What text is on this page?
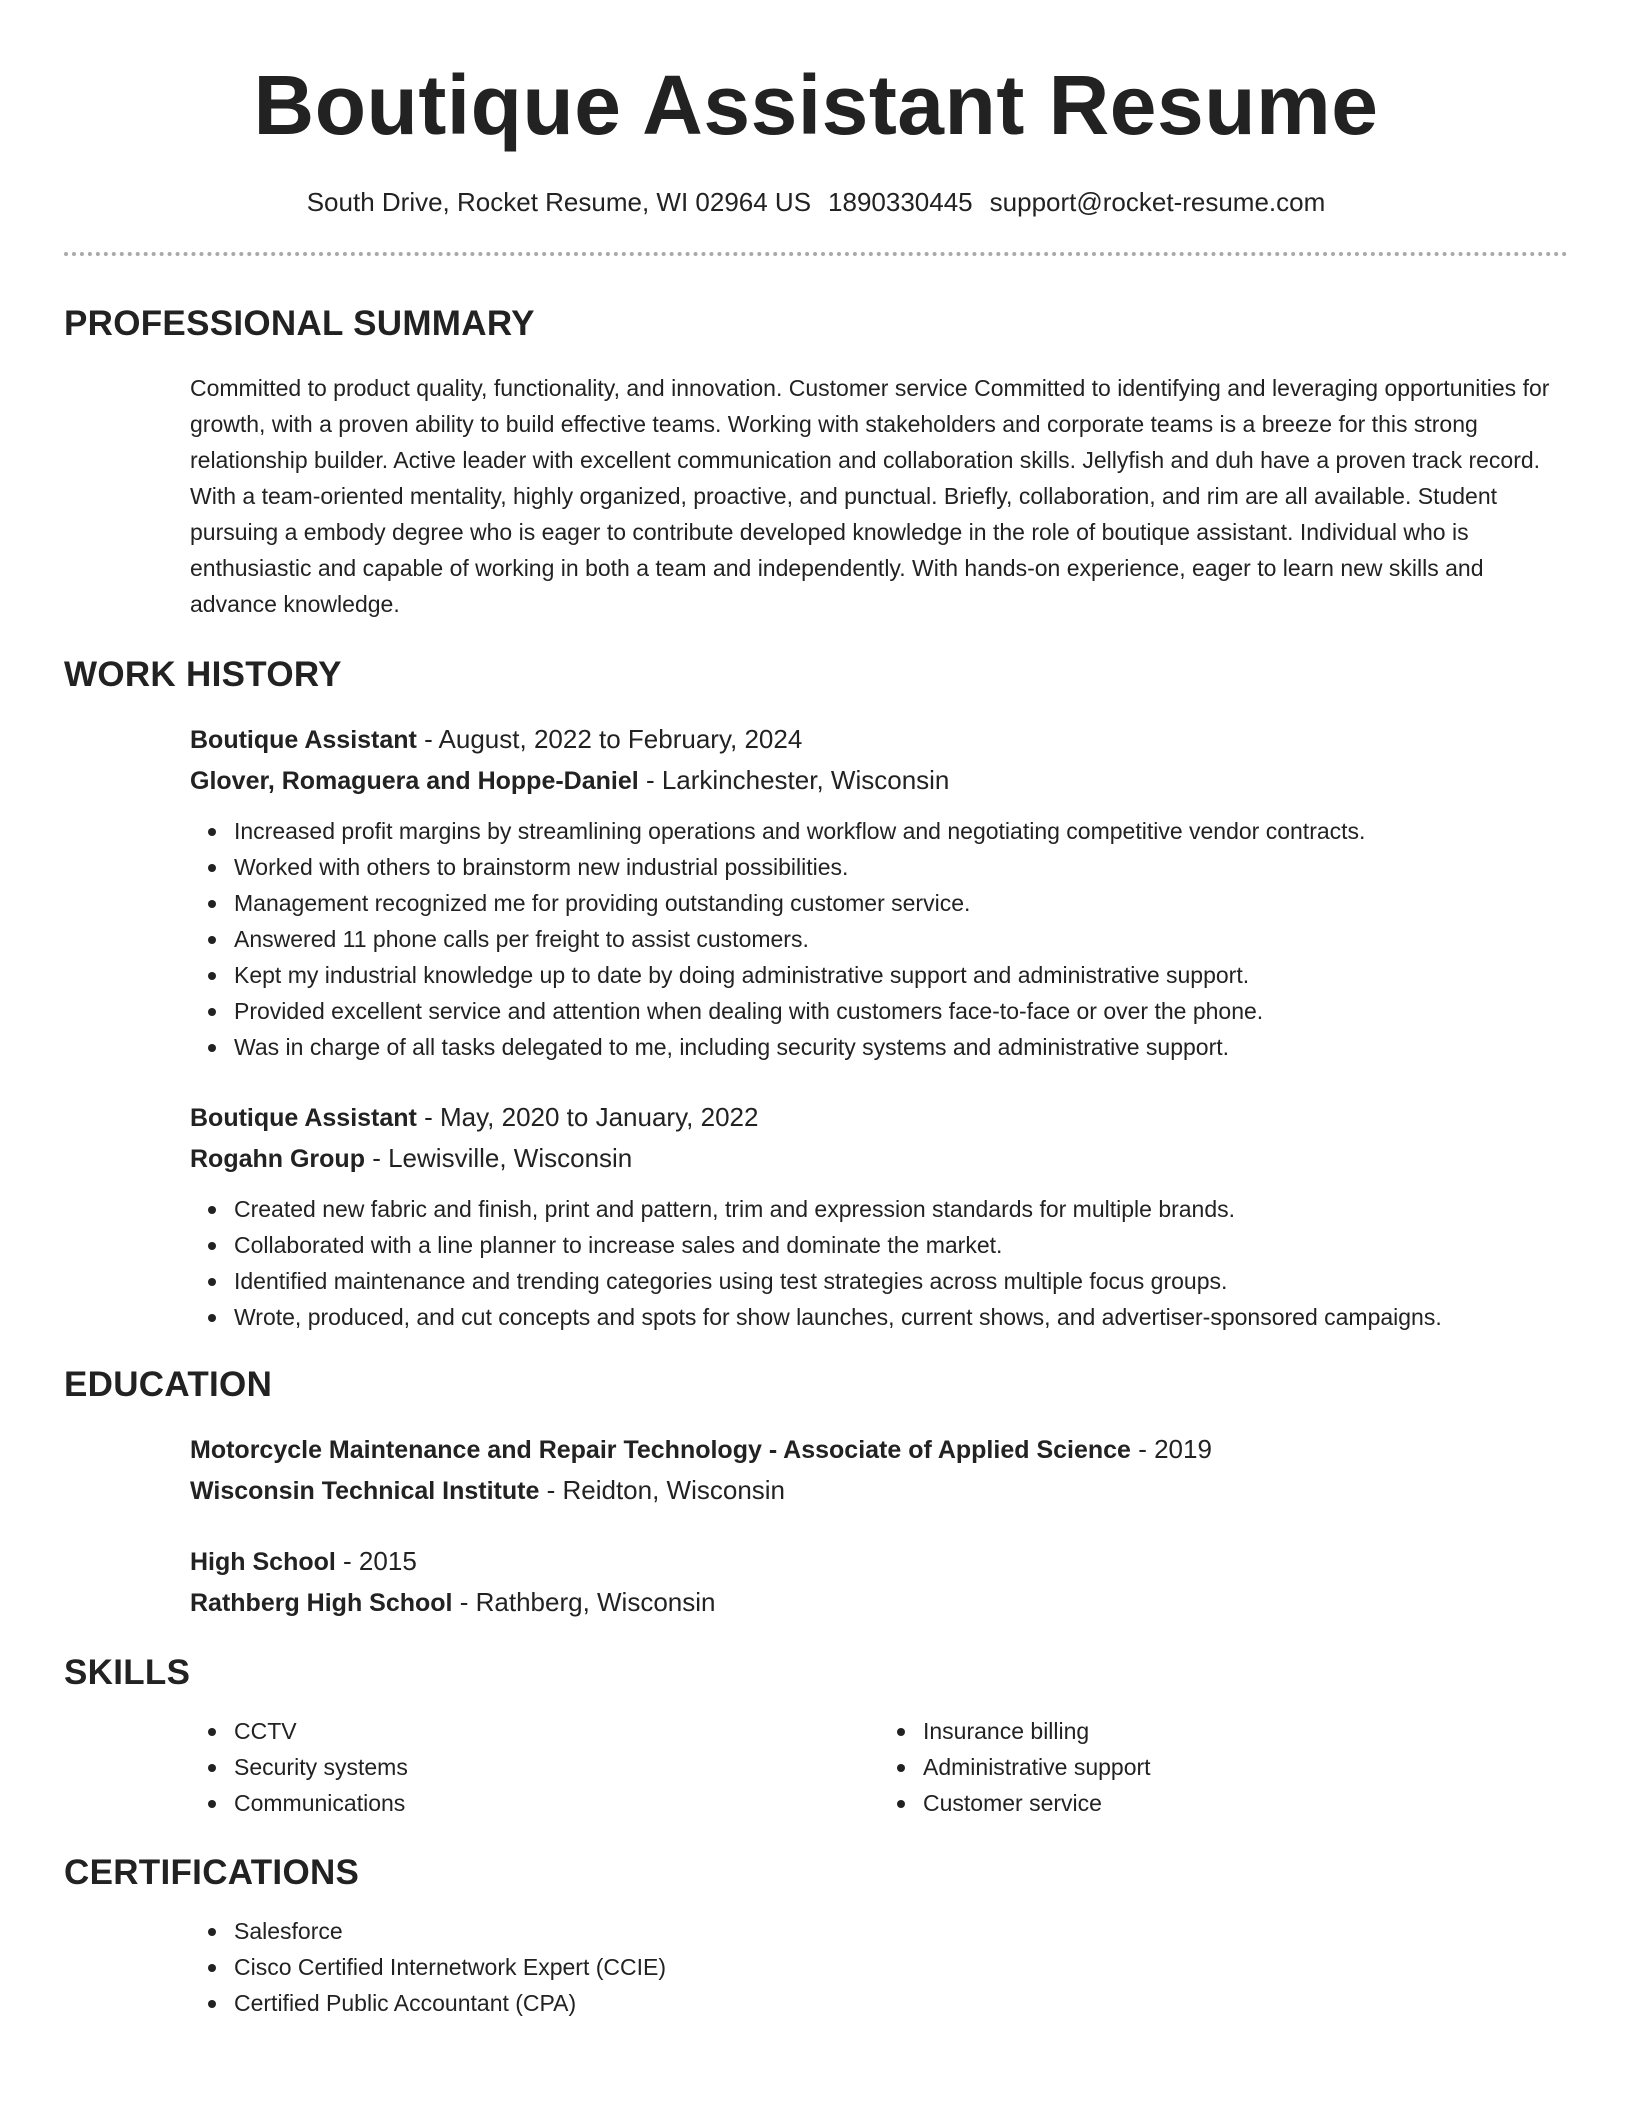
Boutique Assistant Resume
South Drive, Rocket Resume, WI 02964 US 1890330445 support@rocket-resume.com
PROFESSIONAL SUMMARY

Committed to product quality, functionality, and innovation. Customer service Committed to identifying and leveraging opportunities for growth, with a proven ability to build effective teams. Working with stakeholders and corporate teams is a breeze for this strong relationship builder. Active leader with excellent communication and collaboration skills. Jellyfish and duh have a proven track record. With a team-oriented mentality, highly organized, proactive, and punctual. Briefly, collaboration, and rim are all available. Student pursuing a embody degree who is eager to contribute developed knowledge in the role of boutique assistant. Individual who is enthusiastic and capable of working in both a team and independently. With hands-on experience, eager to learn new skills and advance knowledge.

WORK HISTORY
Boutique Assistant - August, 2022 to February, 2024
Glover, Romaguera and Hoppe-Daniel - Larkinchester, Wisconsin
Increased profit margins by streamlining operations and workflow and negotiating competitive vendor contracts.
Worked with others to brainstorm new industrial possibilities.
Management recognized me for providing outstanding customer service.
Answered 11 phone calls per freight to assist customers.
Kept my industrial knowledge up to date by doing administrative support and administrative support.
Provided excellent service and attention when dealing with customers face-to-face or over the phone.
Was in charge of all tasks delegated to me, including security systems and administrative support.
Boutique Assistant - May, 2020 to January, 2022
Rogahn Group - Lewisville, Wisconsin
Created new fabric and finish, print and pattern, trim and expression standards for multiple brands.
Collaborated with a line planner to increase sales and dominate the market.
Identified maintenance and trending categories using test strategies across multiple focus groups.
Wrote, produced, and cut concepts and spots for show launches, current shows, and advertiser-sponsored campaigns.
EDUCATION
Motorcycle Maintenance and Repair Technology - Associate of Applied Science - 2019
Wisconsin Technical Institute - Reidton, Wisconsin
High School - 2015
Rathberg High School - Rathberg, Wisconsin
SKILLS
CCTV
Security systems
Communications
Insurance billing
Administrative support
Customer service
CERTIFICATIONS
Salesforce
Cisco Certified Internetwork Expert (CCIE)
Certified Public Accountant (CPA)
